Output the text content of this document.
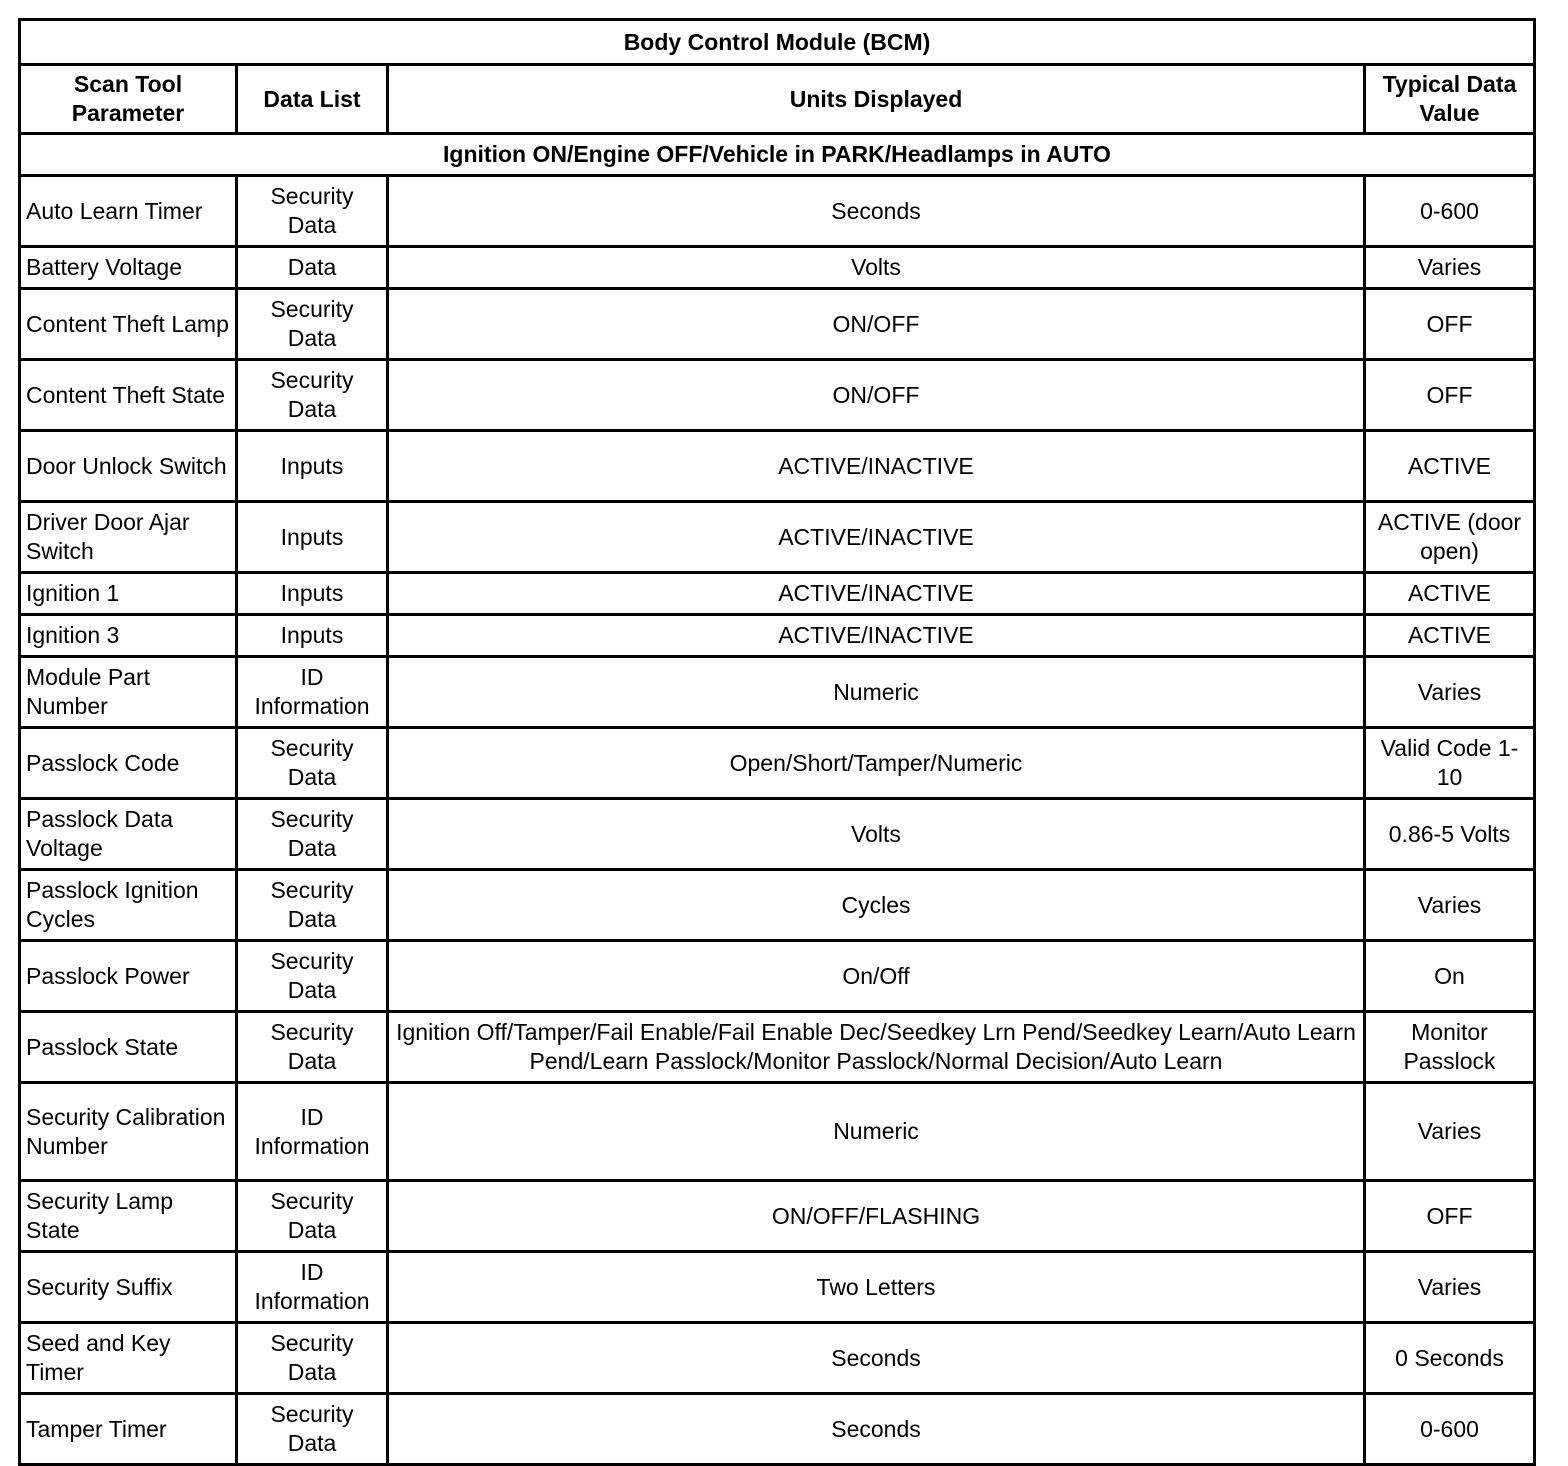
Body Control Module (BCM)			
Scan Tool Parameter	Data List	Units Displayed	Typical Data Value
Ignition ON/Engine OFF/Vehicle in PARK/Headlamps in AUTO			
Auto Learn Timer	Security Data	Seconds	0-600
Battery Voltage	Data	Volts	Varies
Content Theft Lamp	Security Data	ON/OFF	OFF
Content Theft State	Security Data	ON/OFF	OFF
Door Unlock Switch	Inputs	ACTIVE/INACTIVE	ACTIVE
Driver Door Ajar Switch	Inputs	ACTIVE/INACTIVE	ACTIVE (door open)
Ignition 1	Inputs	ACTIVE/INACTIVE	ACTIVE
Ignition 3	Inputs	ACTIVE/INACTIVE	ACTIVE
Module Part Number	ID Information	Numeric	Varies
Passlock Code	Security Data	Open/Short/Tamper/Numeric	Valid Code 1-10
Passlock Data Voltage	Security Data	Volts	0.86-5 Volts
Passlock Ignition Cycles	Security Data	Cycles	Varies
Passlock Power	Security Data	On/Off	On
Passlock State	Security Data	Ignition Off/Tamper/Fail Enable/Fail Enable Dec/Seedkey Lrn Pend/Seedkey Learn/Auto Learn Pend/Learn Passlock/Monitor Passlock/Normal Decision/Auto Learn	Monitor Passlock
Security Calibration Number	ID Information	Numeric	Varies
Security Lamp State	Security Data	ON/OFF/FLASHING	OFF
Security Suffix	ID Information	Two Letters	Varies
Seed and Key Timer	Security Data	Seconds	0 Seconds
Tamper Timer	Security Data	Seconds	0-600
